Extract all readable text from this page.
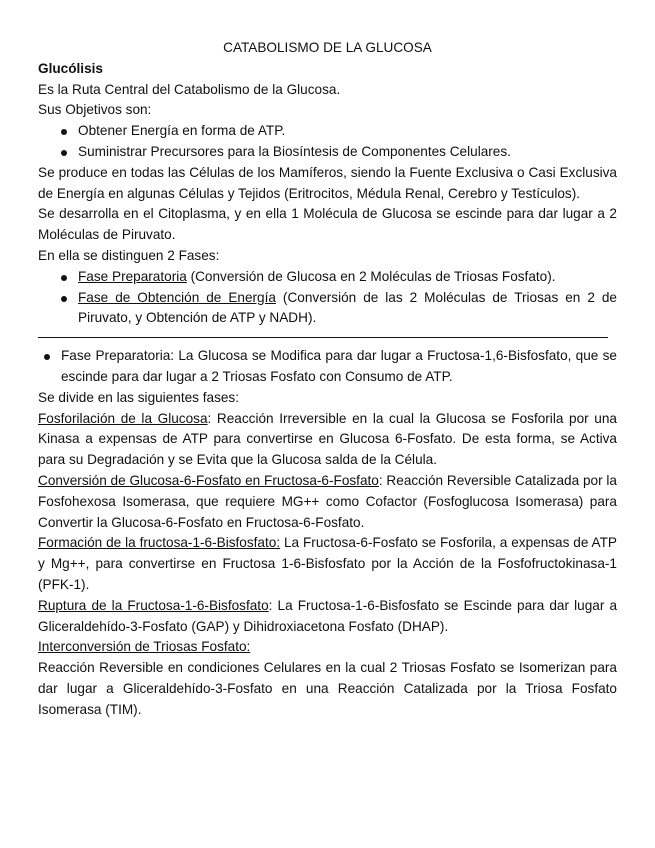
CATABOLISMO DE LA GLUCOSA

Glucólisis

Es la Ruta Central del Catabolismo de la Glucosa.

Sus Objetivos son:

Obtener Energía en forma de ATP.
Suministrar Precursores para la Biosíntesis de Componentes Celulares.

Se produce en todas las Células de los Mamíferos, siendo la Fuente Exclusiva o Casi Exclusiva de Energía en algunas Células y Tejidos (Eritrocitos, Médula Renal, Cerebro y Testículos).

Se desarrolla en el Citoplasma, y en ella 1 Molécula de Glucosa se escinde para dar lugar a 2 Moléculas de Piruvato.

En ella se distinguen 2 Fases:

Fase Preparatoria (Conversión de Glucosa en 2 Moléculas de Triosas Fosfato).
Fase de Obtención de Energía (Conversión de las 2 Moléculas de Triosas en 2 de Piruvato, y Obtención de ATP y NADH).
Fase Preparatoria: La Glucosa se Modifica para dar lugar a Fructosa-1,6-Bisfosfato, que se escinde para dar lugar a 2 Triosas Fosfato con Consumo de ATP.

Se divide en las siguientes fases:

Fosforilación de la Glucosa: Reacción Irreversible en la cual la Glucosa se Fosforila por una Kinasa a expensas de ATP para convertirse en Glucosa 6-Fosfato. De esta forma, se Activa para su Degradación y se Evita que la Glucosa salda de la Célula.

Conversión de Glucosa-6-Fosfato en Fructosa-6-Fosfato: Reacción Reversible Catalizada por la Fosfohexosa Isomerasa, que requiere MG++ como Cofactor (Fosfoglucosa Isomerasa) para Convertir la Glucosa-6-Fosfato en Fructosa-6-Fosfato.

Formación de la fructosa-1-6-Bisfosfato: La Fructosa-6-Fosfato se Fosforila, a expensas de ATP y Mg++, para convertirse en Fructosa 1-6-Bisfosfato por la Acción de la Fosfofructokinasa-1 (PFK-1).

Ruptura de la Fructosa-1-6-Bisfosfato: La Fructosa-1-6-Bisfosfato se Escinde para dar lugar a Gliceraldehído-3-Fosfato (GAP) y Dihidroxiacetona Fosfato (DHAP).

Interconversión de Triosas Fosfato:

Reacción Reversible en condiciones Celulares en la cual 2 Triosas Fosfato se Isomerizan para dar lugar a Gliceraldehído-3-Fosfato en una Reacción Catalizada por la Triosa Fosfato Isomerasa (TIM).
